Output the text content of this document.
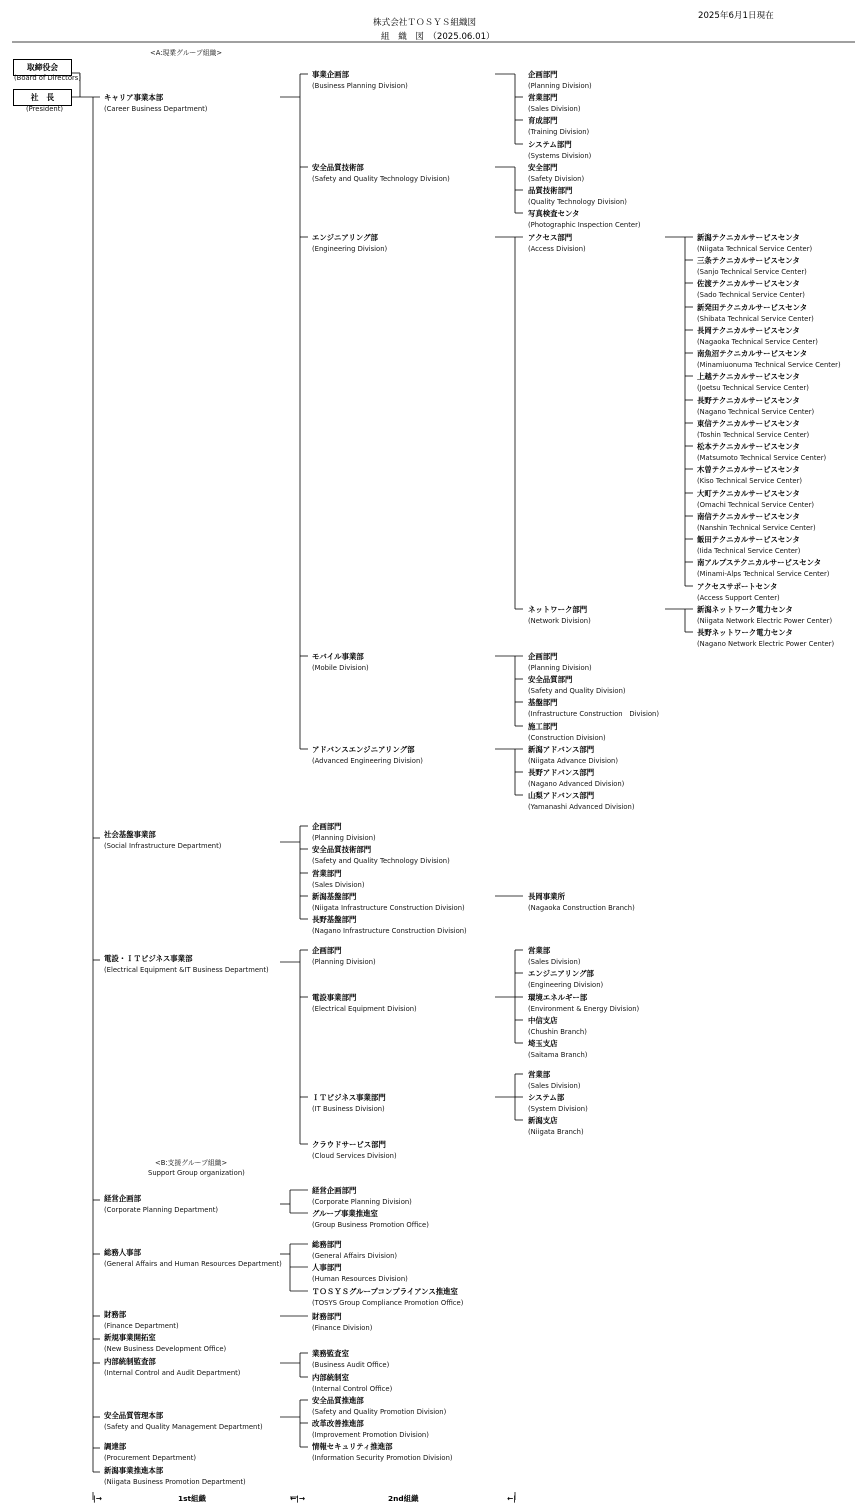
株式会社ＴＯＳＹＳ組織図
組　織　図　（2025.06.01）
2025年6月1日現在
<A:現業グループ組織>
<B:支援グループ組織>
Support Group organization)
取締役会
(Board of Directors)
社　長
(President)
|→	1st組織	←|→	2nd組織	←|
キャリア事業本部
(Career Business Department)
事業企画部
(Business Planning Division)
企画部門
(Planning Division)
営業部門
(Sales Division)
育成部門
(Training Division)
システム部門
(Systems Division)
安全品質技術部
(Safety and Quality Technology Division)
安全部門
(Safety Division)
品質技術部門
(Quality Technology Division)
写真検査センタ
(Photographic Inspection Center)
エンジニアリング部
(Engineering Division)
アクセス部門
(Access Division)
新潟テクニカルサービスセンタ
(Niigata Technical Service Center)
三条テクニカルサービスセンタ
(Sanjo Technical Service Center)
佐渡テクニカルサービスセンタ
(Sado Technical Service Center)
新発田テクニカルサービスセンタ
(Shibata Technical Service Center)
長岡テクニカルサービスセンタ
(Nagaoka Technical Service Center)
南魚沼テクニカルサービスセンタ
(Minamiuonuma Technical Service Center)
上越テクニカルサービスセンタ
(Joetsu Technical Service Center)
長野テクニカルサービスセンタ
(Nagano Technical Service Center)
東信テクニカルサービスセンタ
(Toshin Technical Service Center)
松本テクニカルサービスセンタ
(Matsumoto Technical Service Center)
木曽テクニカルサービスセンタ
(Kiso Technical Service Center)
大町テクニカルサービスセンタ
(Omachi Technical Service Center)
南信テクニカルサービスセンタ
(Nanshin Technical Service Center)
飯田テクニカルサービスセンタ
(Iida Technical Service Center)
南アルプステクニカルサービスセンタ
(Minami-Alps Technical Service Center)
アクセスサポートセンタ
(Access Support Center)
ネットワーク部門
(Network Division)
新潟ネットワーク電力センタ
(Niigata Network Electric Power Center)
長野ネットワーク電力センタ
(Nagano Network Electric Power Center)
モバイル事業部
(Mobile Division)
企画部門
(Planning Division)
安全品質部門
(Safety and Quality Division)
基盤部門
(Infrastructure Construction　Division)
施工部門
(Construction Division)
アドバンスエンジニアリング部
(Advanced Engineering Division)
新潟アドバンス部門
(Niigata Advance Division)
長野アドバンス部門
(Nagano Advanced Division)
山梨アドバンス部門
(Yamanashi Advanced Division)
社会基盤事業部
(Social Infrastructure Department)
企画部門
(Planning Division)
安全品質技術部門
(Safety and Quality Technology Division)
営業部門
(Sales Division)
新潟基盤部門
(Niigata Infrastructure Construction Division)
長岡事業所
(Nagaoka Construction Branch)
長野基盤部門
(Nagano Infrastructure Construction Division)
電設・ＩＴビジネス事業部
(Electrical Equipment &IT Business Department)
企画部門
(Planning Division)
営業部
(Sales Division)
エンジニアリング部
(Engineering Division)
電設事業部門
(Electrical Equipment Division)
環境エネルギー部
(Environment & Energy Division)
中信支店
(Chushin Branch)
埼玉支店
(Saitama Branch)
営業部
(Sales Division)
ＩＴビジネス事業部門
(IT Business Division)
システム部
(System Division)
新潟支店
(Niigata Branch)
クラウドサービス部門
(Cloud Services Division)
経営企画部
(Corporate Planning Department)
経営企画部門
(Corporate Planning Division)
グループ事業推進室
(Group Business Promotion Office)
総務人事部
(General Affairs and Human Resources Department)
総務部門
(General Affairs Division)
人事部門
(Human Resources Division)
ＴＯＳＹＳグループコンプライアンス推進室
(TOSYS Group Compliance Promotion Office)
財務部
(Finance Department)
財務部門
(Finance Division)
新規事業開拓室
(New Business Development Office)
内部統制監査部
(Internal Control and Audit Department)
業務監査室
(Business Audit Office)
内部統制室
(Internal Control Office)
安全品質管理本部
(Safety and Quality Management Department)
安全品質推進部
(Safety and Quality Promotion Division)
改革改善推進部
(Improvement Promotion Division)
調達部
(Procurement Department)
情報セキュリティ推進部
(Information Security Promotion Division)
新潟事業推進本部
(Niigata Business Promotion Department)
